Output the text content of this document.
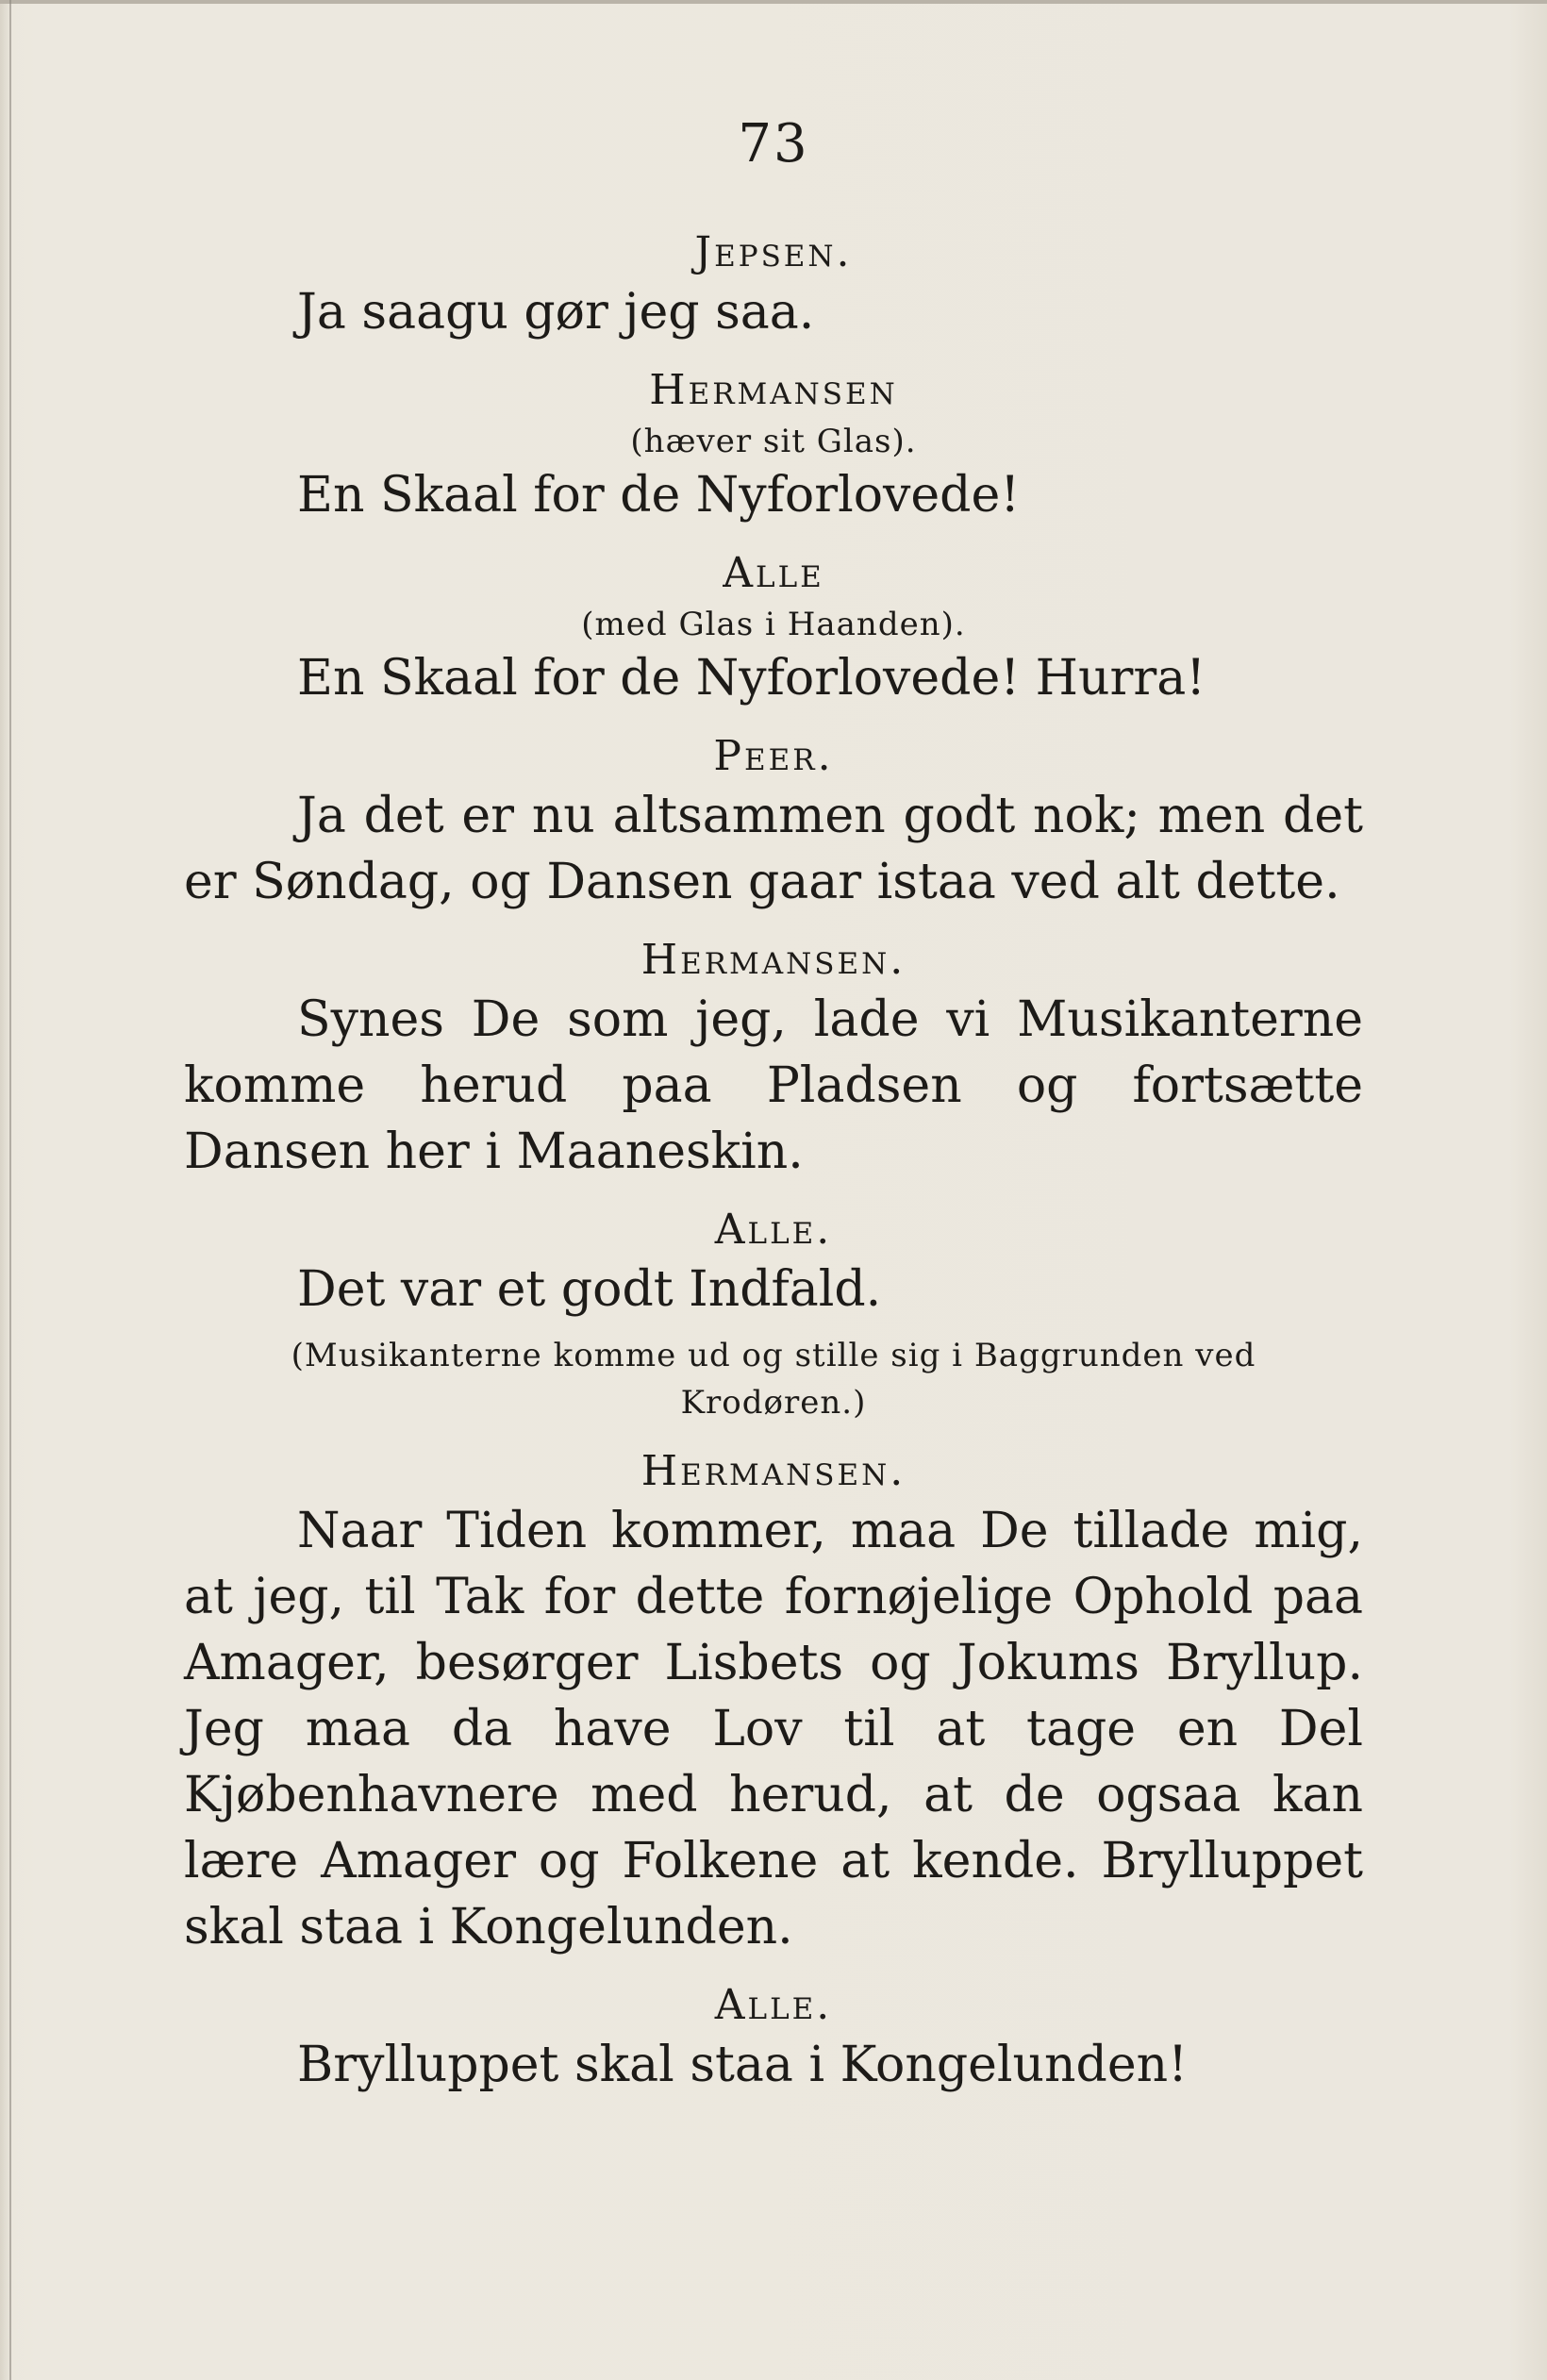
73
Jepsen.
Ja saagu gør jeg saa.
Hermansen
(hæver sit Glas).
En Skaal for de Nyforlovede!
Alle
(med Glas i Haanden).
En Skaal for de Nyforlovede! Hurra!
Peer.
Ja det er nu altsammen godt nok; men det er Søndag, og Dansen gaar istaa ved alt dette.
Hermansen.
Synes De som jeg, lade vi Musikanterne komme herud paa Pladsen og fortsætte Dansen her i Maaneskin.
Alle.
Det var et godt Indfald.
(Musikanterne komme ud og stille sig i Baggrunden ved Krodøren.)
Hermansen.
Naar Tiden kommer, maa De tillade mig, at jeg, til Tak for dette fornøjelige Ophold paa Amager, besørger Lisbets og Jokums Bryllup. Jeg maa da have Lov til at tage en Del Kjøbenhavnere med herud, at de ogsaa kan lære Amager og Folkene at kende. Brylluppet skal staa i Kongelunden.
Alle.
Brylluppet skal staa i Kongelunden!
